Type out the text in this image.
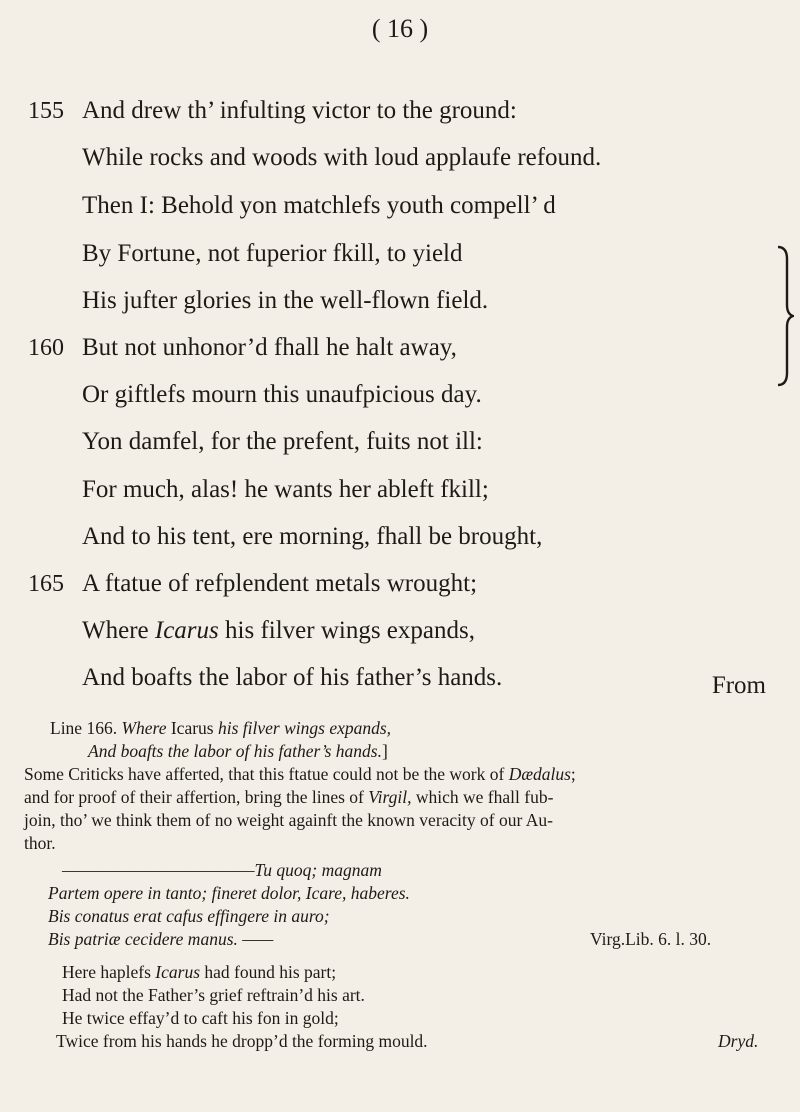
( 16 )
155 And drew th’ infulting victor to the ground:
While rocks and woods with loud applaufe refound.
Then I: Behold yon matchlefs youth compell’ d
By Fortune, not fuperior fkill, to yield
His jufter glories in the well-flown field.
160 But not unhonor’d fhall he halt away,
Or giftlefs mourn this unaufpicious day.
Yon damfel, for the prefent, fuits not ill:
For much, alas! he wants her ableft fkill;
And to his tent, ere morning, fhall be brought,
165 A ftatue of refplendent metals wrought;
Where Icarus his filver wings expands,
And boafts the labor of his father’s hands.	From
Line 166. Where Icarus his filver wings expands,
And boafts the labor of his father’s hands.]
Some Criticks have afferted, that this ftatue could not be the work of Dædalus;
and for proof of their affertion, bring the lines of Virgil, which we fhall fub-
join, tho’ we think them of no weight againft the known veracity of our Au-
thor.
———————————Tu quoq; magnam
Partem opere in tanto; fineret dolor, Icare, haberes.
Bis conatus erat cafus effingere in auro;
Bis patriæ cecidere manus. ——	Virg.Lib. 6. l. 30.
Here haplefs Icarus had found his part;
Had not the Father’s grief reftrain’d his art.
He twice effay’d to caft his fon in gold;
Twice from his hands he dropp’d the forming mould.	Dryd.
